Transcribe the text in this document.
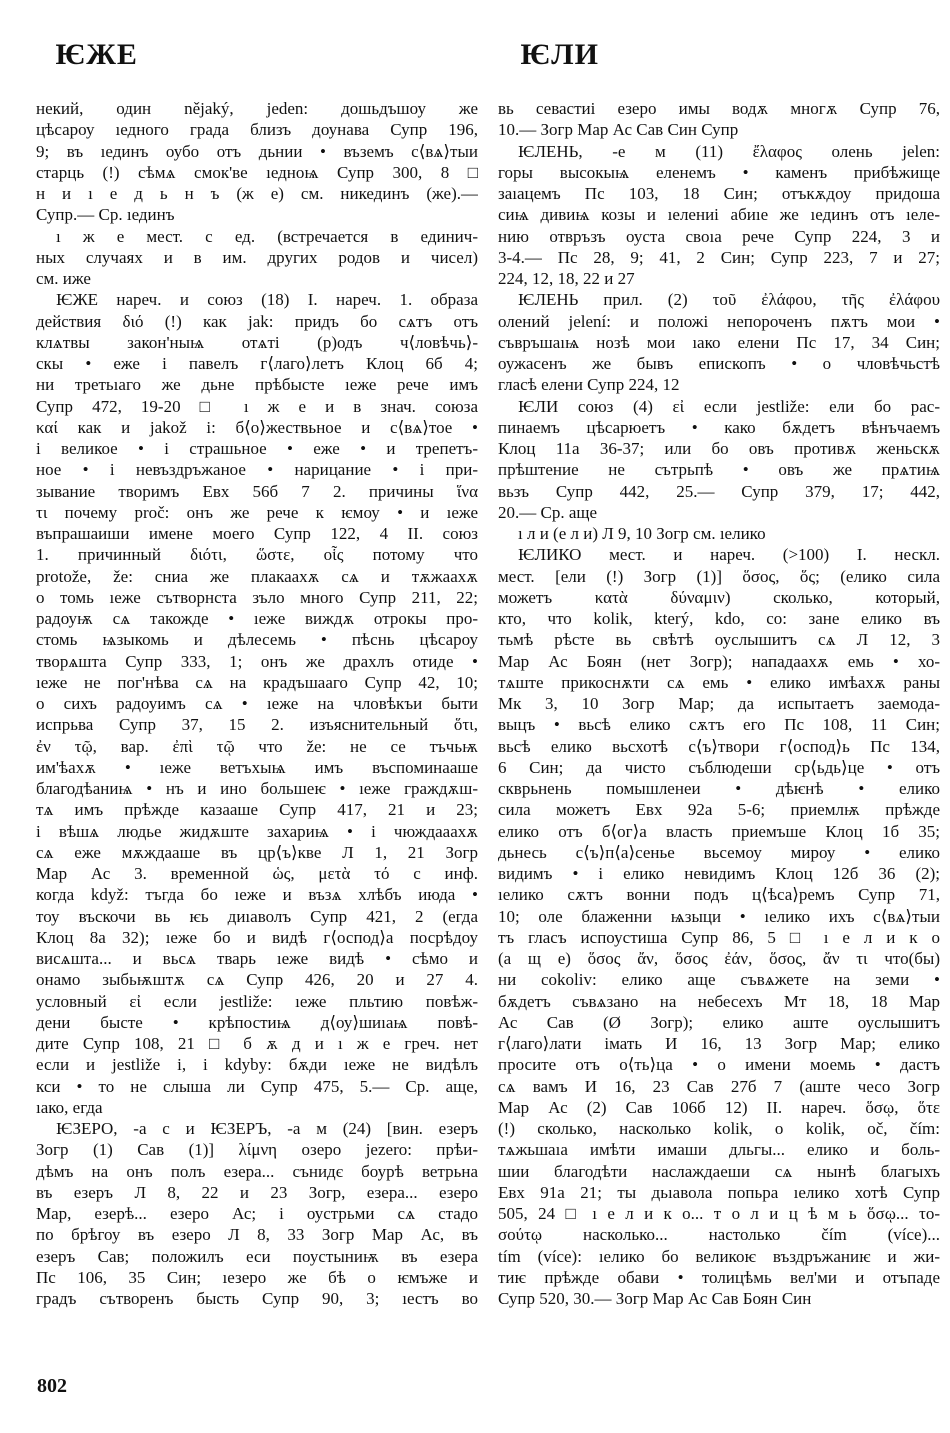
ѤЖЕ	ѤЛИ
некий, один nějaký, jeden: дошьдъшоу же
цѣсароу ıедного града близъ доунава Супр 196,
9; въ ıединъ оубо отъ дьнии • въземъ с⟨вѧ⟩тыи
старць (!) сѣмѧ смок'ве ıедноѩ Супр 300, 8 □
н и ı е д ь н ъ (ж е) см. никединъ (же).—
Супр.— Ср. ıединъ
ı ж е мест. с ед. (встречается в единич-
ных случаях и в им. других родов и чисел)
см. иже
ѤЖЕ нареч. и союз (18) I. нареч. 1. образа
действия διό (!) как jak: придъ бо сѧтъ отъ
клѧтвы закон'ныѩ отѧті (р)одъ ч⟨ловѣчь⟩-
скы • еже і павелъ г⟨лаго⟩летъ Клоц 6б 4;
ни третьıаго же дьне прѣбысте ıеже рече имъ
Супр 472, 19-20 □ ı ж е и в знач. союза
καί как и jakož i: б⟨о⟩жествьное и с⟨вѧ⟩тое •
і великое • і страшьное • еже • и трепетъ-
ное • і невъздръжаное • нарицание • і при-
зывание творимъ Евх 56б 7 2. причины ἵνα
τι почему proč: онъ же рече к ѥмоу • и ıеже
въпрашаиши имене моего Супр 122, 4 II. союз
1. причинный διότι, ὥστε, οἷς потому что
protože, že: сниа же плакаахѫ сѧ и тѫжаахѫ
о томь ıеже сътворнста зъло много Супр 211, 22;
радоуѭ сѧ такожде • ıеже виждѫ отрокы про-
стомь ѩзыкомь и дѣлесемь • пѣснь цѣсароу
творѧшта Супр 333, 1; онъ же драхлъ отиде •
ıеже не пог'нѣва сѧ на крадъшааго Супр 42, 10;
о сихъ радоуимъ сѧ • ıеже на чловѣкъи быти
испрьва Супр 37, 15 2. изъяснительный ὅτι,
ἐν τῷ, вар. ἐπὶ τῷ что že: не се тъчьѭ
им'ѣахѫ • ıеже ветъхыѩ имъ въспоминааше
благодѣаниѩ • нъ и ино большеѥ • ıеже граждѫш-
тѧ имъ прѣжде казааше Супр 417, 21 и 23;
і вѣшѧ людье жидѫште захариѩ • і чюждааахѫ
сѧ еже мѫждааше въ цр⟨ъ⟩кве Л 1, 21 Зогр
Мар Ас 3. временной ὡς, μετὰ τό с инф.
когда když: тъгда бо ıеже и възѧ хлѣбъ июда •
тоу въскочи вь ѥь диıаволъ Супр 421, 2 (егда
Клоц 8а 32); ıеже бо и видѣ г⟨оспод⟩а посрѣдоу
висѧшта... и вьсѧ тварь ıеже видѣ • сѣмо и
онамо зыбьѭштѫ сѧ Супр 426, 20 и 27 4.
условный εἰ если jestliže: ıеже пльтию повѣж-
дени бысте • крѣпостиѩ д⟨оу⟩шиıаѩ повѣ-
дите Супр 108, 21 □ б ѫ д и ı ж е греч. нет
если и jestliže i, i kdyby: бѫди ıеже не видѣлъ
кси • то не слыша ли Супр 475, 5.— Ср. аще,
ıако, егда
ѤЗЕРО, -а с и ѤЗЕРЪ, -а м (24) [вин. езеръ
Зогр (1) Сав (1)] λίμνη озеро jezero: прѣи-
дѣмъ на онъ полъ езера... сънидє боурѣ ветрьна
въ езеръ Л 8, 22 и 23 Зогр, езера... езеро
Мар, езерѣ... езеро Ас; і оустрьми сѧ стадо
по брѣгоу въ езеро Л 8, 33 Зогр Мар Ас, въ
езеръ Сав; положилъ еси поустыниѭ въ езера
Пс 106, 35 Син; ıезеро же бѣ о ѥмъже и
градъ сътворенъ бысть Супр 90, 3; ıестъ во
вь севастиі езеро имы водѫ многѫ Супр 76,
10.— Зогр Мар Ас Сав Син Супр
ѤЛЕНЬ, -е м (11) ἔλαφος олень jelen:
горы высокыѩ еленемъ • каменъ прибѣжище
заıацемъ Пс 103, 18 Син; отъкѫдоу придоша
сиѩ дивиѩ козы и ıелениі абиıе же ıединъ отъ ıеле-
нию отвръзъ оуста своıа рече Супр 224, 3 и
3-4.— Пс 28, 9; 41, 2 Син; Супр 223, 7 и 27;
224, 12, 18, 22 и 27
ѤЛЕНЬ прил. (2) τοῦ ἐλάφου, τῆς ἐλάφου
олений jelení: и положі непороченъ пѫтъ мои •
съвръшаıѩ нозѣ мои ıако елени Пс 17, 34 Син;
оужасенъ же бывъ епископъ • о чловѣчьстѣ
гласѣ елени Супр 224, 12
ѤЛИ союз (4) εἰ если jestliže: ели бо рас-
пинаемъ цѣсарюетъ • како бѫдетъ вѣнъчаемъ
Клоц 11а 36-37; или бо овъ противѫ женьскѫ
прѣштение не сътрьпѣ • овъ же прѧтиѩ
вьзъ Супр 442, 25.— Супр 379, 17; 442,
20.— Ср. аще
ı л и (е л и) Л 9, 10 Зогр см. ıелико
ѤЛИКО мест. и нареч. (>100) I. нескл.
мест. [ели (!) Зогр (1)] ὅσος, ὅς; (елико сила
можетъ κατὰ δύναμιν) сколько, который,
кто, что kolik, který, kdo, co: зане елико въ
тьмѣ рѣсте вь свѣтѣ оуслышитъ сѧ Л 12, 3
Мар Ас Боян (нет Зогр); нападаахѫ емь • хо-
тѧште прикоснѫти сѧ емь • елико имѣахѫ раны
Мк 3, 10 Зогр Мар; да испытаетъ заемода-
выцъ • вьсѣ елико сѫтъ его Пс 108, 11 Син;
вьсѣ елико вьсхотѣ с⟨ъ⟩твори г⟨оспод⟩ь Пс 134,
6 Син; да чисто съблюдеши ср⟨ьдь⟩це • отъ
скврьнень помышленеи • дѣѥнѣ • елико
сила можетъ Евх 92а 5-6; приемлѭ прѣжде
елико отъ б⟨ог⟩а власть приемъше Клоц 1б 35;
дьнесь с⟨ъ⟩п⟨а⟩сенье вьсемоу мироу • елико
видимъ • і елико невидимъ Клоц 12б 36 (2);
ıелико сѫтъ вонни подъ ц⟨ѣса⟩ремъ Супр 71,
10; оле блаженни ѩзыци • ıелико ихъ с⟨вѧ⟩тыи
тъ гласъ испоустиша Супр 86, 5 □ ı е л и к о
(а щ е) ὅσος ἄν, ὅσος ἐάν, ὅσος, ἄν τι что(бы)
ни cokoliv: елико аще съвѧжете на земи •
бѫдетъ съвѧзано на небесехъ Мт 18, 18 Мар
Ас Сав (Ø Зогр); елико аште оуслышитъ
г⟨лаго⟩лати імать И 16, 13 Зогр Мар; елико
просите отъ о⟨ть⟩ца • о имени моемь • дастъ
сѧ вамъ И 16, 23 Сав 27б 7 (аште чесо Зогр
Мар Ас (2) Сав 106б 12) II. нареч. ὅσῳ, ὅτε
(!) сколько, насколько kolik, o kolik, oč, čím:
тѧжьшаıа имѣти имаши дльгы... елико и боль-
шии благодѣти наслаждаеши сѧ нынѣ благыхъ
Евх 91а 21; ты дьıавола попьра ıелико хотѣ Супр
505, 24 □ ı е л и к о... т о л и ц ѣ м ь ὅσῳ... το-
σούτῳ насколько... настолько čím (více)...
tím (více): ıелико бо великоѥ въздръжаниѥ и жи-
тиѥ прѣжде обави • толицѣмь вел'ми и отъпаде
Супр 520, 30.— Зогр Мар Ас Сав Боян Син
802
